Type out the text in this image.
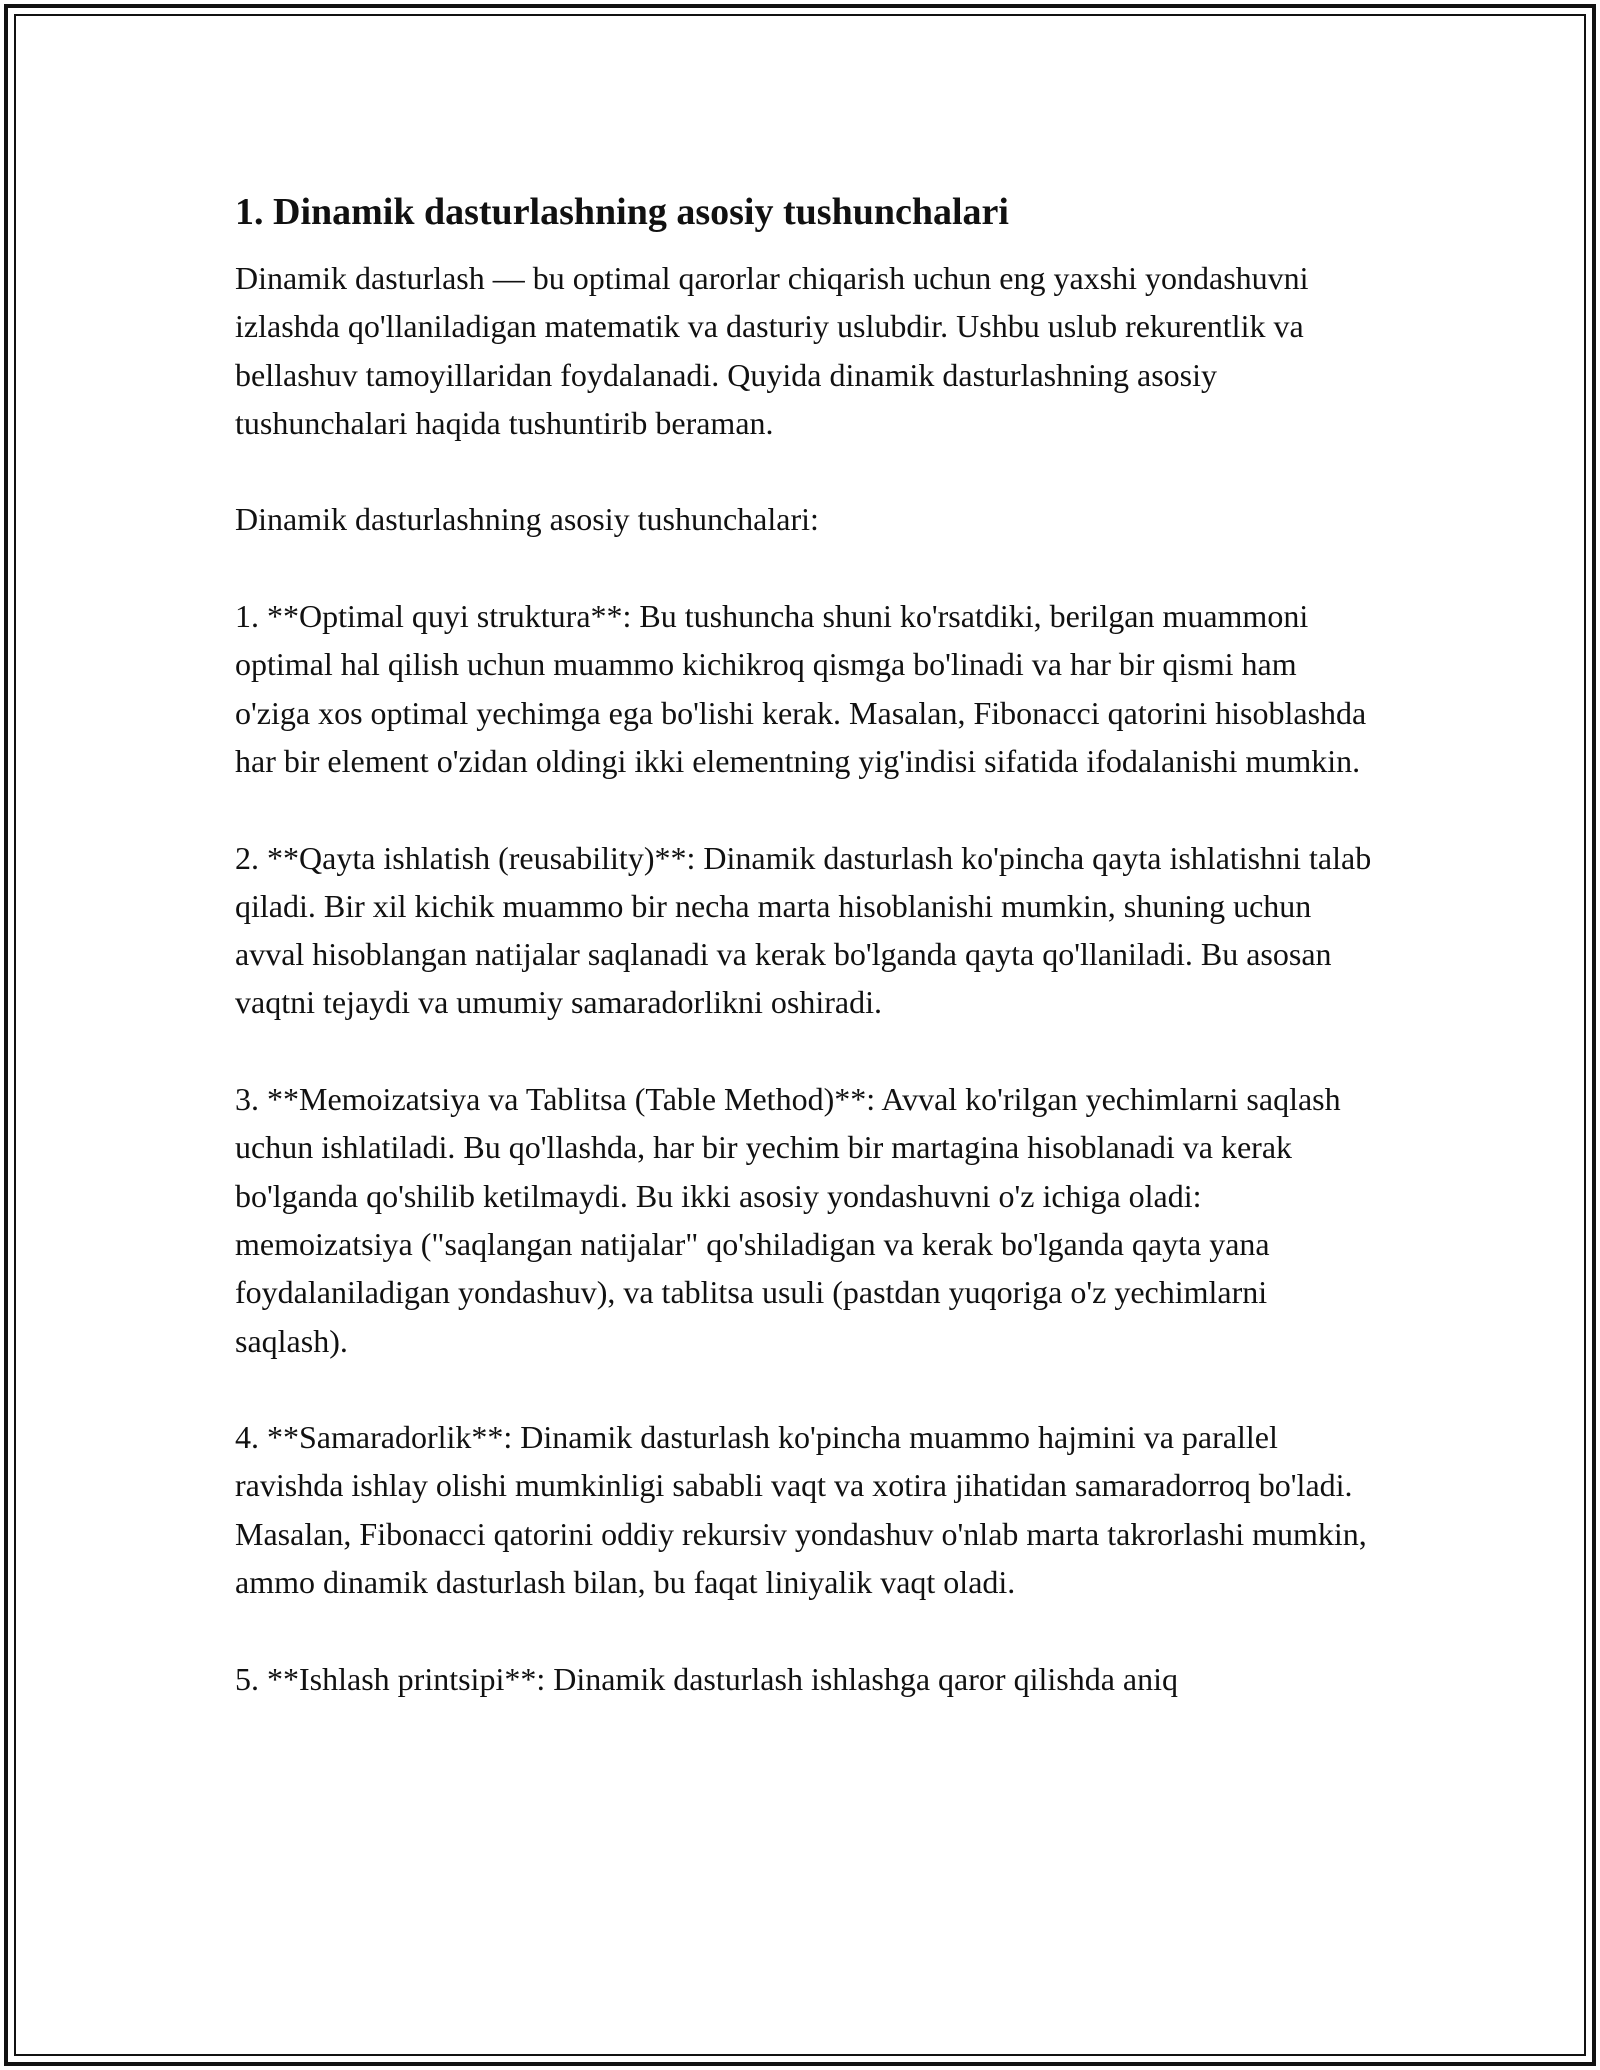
1. Dinamik dasturlashning asosiy tushunchalari

Dinamik dasturlash — bu optimal qarorlar chiqarish uchun eng yaxshi yondashuvni izlashda qo'llaniladigan matematik va dasturiy uslubdir. Ushbu uslub rekurentlik va bellashuv tamoyillaridan foydalanadi. Quyida dinamik dasturlashning asosiy tushunchalari haqida tushuntirib beraman.

Dinamik dasturlashning asosiy tushunchalari:

1. **Optimal quyi struktura**: Bu tushuncha shuni ko'rsatdiki, berilgan muammoni optimal hal qilish uchun muammo kichikroq qismga bo'linadi va har bir qismi ham o'ziga xos optimal yechimga ega bo'lishi kerak. Masalan, Fibonacci qatorini hisoblashda har bir element o'zidan oldingi ikki elementning yig'indisi sifatida ifodalanishi mumkin.

2. **Qayta ishlatish (reusability)**: Dinamik dasturlash ko'pincha qayta ishlatishni talab qiladi. Bir xil kichik muammo bir necha marta hisoblanishi mumkin, shuning uchun avval hisoblangan natijalar saqlanadi va kerak bo'lganda qayta qo'llaniladi. Bu asosan vaqtni tejaydi va umumiy samaradorlikni oshiradi.

3. **Memoizatsiya va Tablitsa (Table Method)**: Avval ko'rilgan yechimlarni saqlash uchun ishlatiladi. Bu qo'llashda, har bir yechim bir martagina hisoblanadi va kerak bo'lganda qo'shilib ketilmaydi. Bu ikki asosiy yondashuvni o'z ichiga oladi: memoizatsiya ("saqlangan natijalar" qo'shiladigan va kerak bo'lganda qayta yana foydalaniladigan yondashuv), va tablitsa usuli (pastdan yuqoriga o'z yechimlarni saqlash).

4. **Samaradorlik**: Dinamik dasturlash ko'pincha muammo hajmini va parallel ravishda ishlay olishi mumkinligi sababli vaqt va xotira jihatidan samaradorroq bo'ladi. Masalan, Fibonacci qatorini oddiy rekursiv yondashuv o'nlab marta takrorlashi mumkin, ammo dinamik dasturlash bilan, bu faqat liniyalik vaqt oladi.

5. **Ishlash printsipi**: Dinamik dasturlash ishlashga qaror qilishda aniq
